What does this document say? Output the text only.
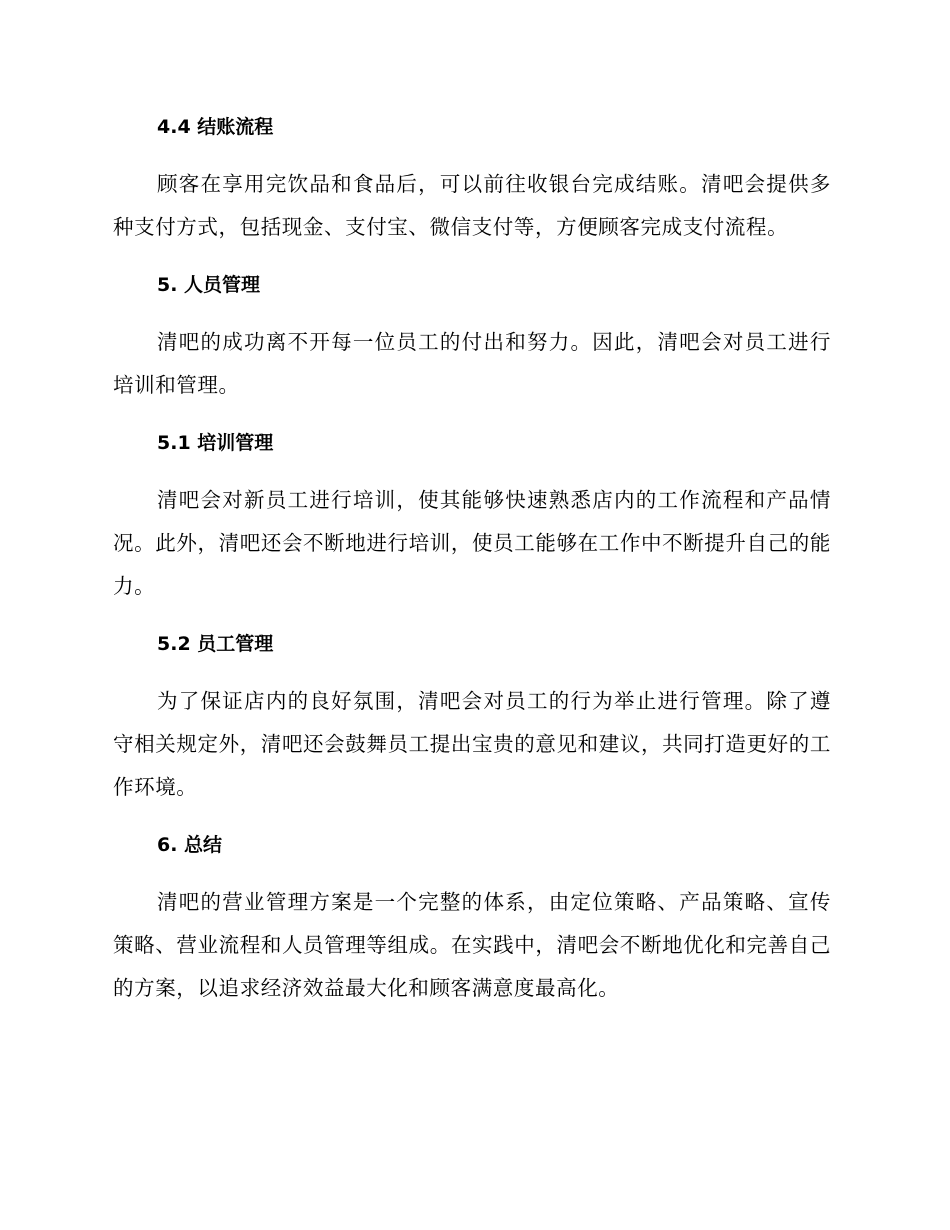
4.4 结账流程

顾客在享用完饮品和食品后，可以前往收银台完成结账。清吧会提供多种支付方式，包括现金、支付宝、微信支付等，方便顾客完成支付流程。

5. 人员管理

清吧的成功离不开每一位员工的付出和努力。因此，清吧会对员工进行培训和管理。

5.1 培训管理

清吧会对新员工进行培训，使其能够快速熟悉店内的工作流程和产品情况。此外，清吧还会不断地进行培训，使员工能够在工作中不断提升自己的能力。

5.2 员工管理

为了保证店内的良好氛围，清吧会对员工的行为举止进行管理。除了遵守相关规定外，清吧还会鼓舞员工提出宝贵的意见和建议，共同打造更好的工作环境。

6. 总结

清吧的营业管理方案是一个完整的体系，由定位策略、产品策略、宣传策略、营业流程和人员管理等组成。在实践中，清吧会不断地优化和完善自己的方案，以追求经济效益最大化和顾客满意度最高化。
